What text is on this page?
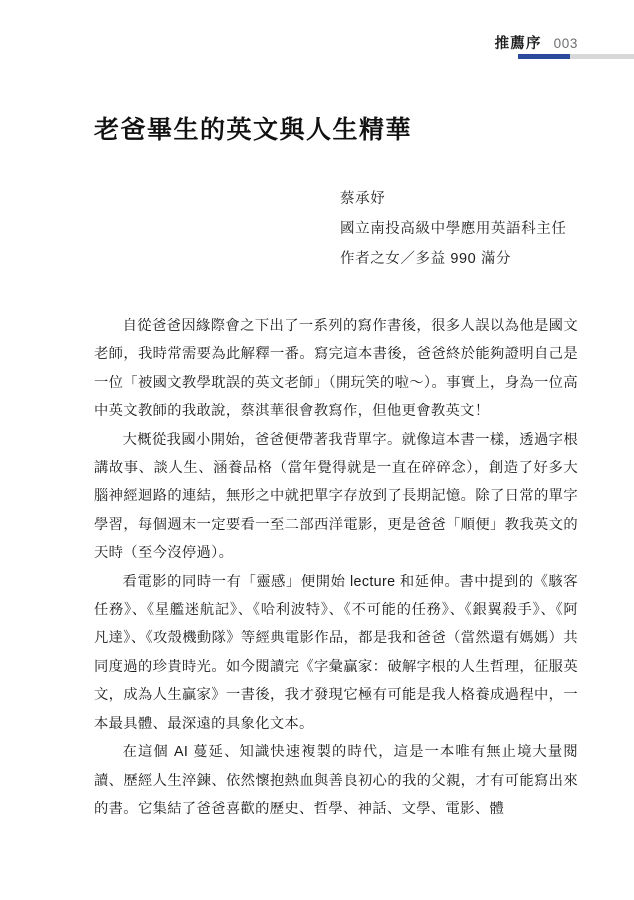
推薦序 003
老爸畢生的英文與人生精華
蔡承妤
國立南投高級中學應用英語科主任
作者之女／多益 990 滿分

自從爸爸因緣際會之下出了一系列的寫作書後，很多人誤以為他是國文老師，我時常需要為此解釋一番。寫完這本書後，爸爸終於能夠證明自己是一位「被國文教學耽誤的英文老師」（開玩笑的啦～）。事實上，身為一位高中英文教師的我敢說，蔡淇華很會教寫作，但他更會教英文！

大概從我國小開始，爸爸便帶著我背單字。就像這本書一樣，透過字根講故事、談人生、涵養品格（當年覺得就是一直在碎碎念），創造了好多大腦神經迴路的連結，無形之中就把單字存放到了長期記憶。除了日常的單字學習，每個週末一定要看一至二部西洋電影，更是爸爸「順便」教我英文的天時（至今沒停過）。

看電影的同時一有「靈感」便開始 lecture 和延伸。書中提到的《駭客任務》、《星艦迷航記》、《哈利波特》、《不可能的任務》、《銀翼殺手》、《阿凡達》、《攻殼機動隊》等經典電影作品，都是我和爸爸（當然還有媽媽）共同度過的珍貴時光。如今閱讀完《字彙贏家：破解字根的人生哲理，征服英文，成為人生贏家》一書後，我才發現它極有可能是我人格養成過程中，一本最具體、最深遠的具象化文本。

在這個 AI 蔓延、知識快速複製的時代，這是一本唯有無止境大量閱讀、歷經人生淬鍊、依然懷抱熱血與善良初心的我的父親，才有可能寫出來的書。它集結了爸爸喜歡的歷史、哲學、神話、文學、電影、體
